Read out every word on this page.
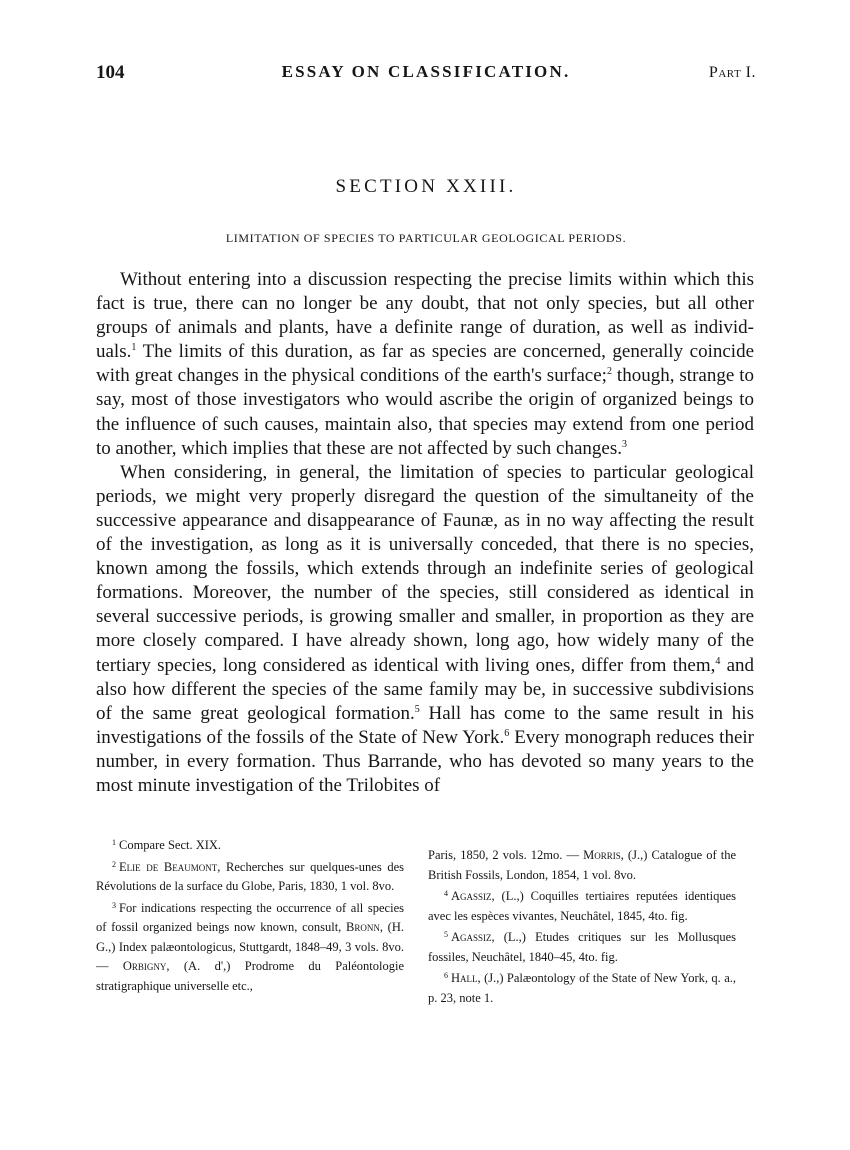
104	ESSAY ON CLASSIFICATION.	Part I.
SECTION XXIII.
LIMITATION OF SPECIES TO PARTICULAR GEOLOGICAL PERIODS.

Without entering into a discussion respecting the precise limits within which this fact is true, there can no longer be any doubt, that not only species, but all other groups of animals and plants, have a definite range of duration, as well as individ-uals.$^1$ The limits of this duration, as far as species are concerned, generally coincide with great changes in the physical conditions of the earth's surface;$^2$ though, strange to say, most of those investigators who would ascribe the origin of organized beings to the influence of such causes, maintain also, that species may extend from one period to another, which implies that these are not affected by such changes.$^3$

When considering, in general, the limitation of species to particular geological periods, we might very properly disregard the question of the simultaneity of the successive appearance and disappearance of Faunæ, as in no way affecting the result of the investigation, as long as it is universally conceded, that there is no species, known among the fossils, which extends through an indefinite series of geological formations. Moreover, the number of the species, still considered as identical in several successive periods, is growing smaller and smaller, in proportion as they are more closely compared. I have already shown, long ago, how widely many of the tertiary species, long considered as identical with living ones, differ from them,$^4$ and also how different the species of the same family may be, in successive subdivisions of the same great geological formation.$^5$ Hall has come to the same result in his investigations of the fossils of the State of New York.$^6$ Every monograph reduces their number, in every formation. Thus Barrande, who has devoted so many years to the most minute investigation of the Trilobites of

$^1$ Compare Sect. XIX.

$^2$ Elie de Beaumont, Recherches sur quelques-unes des Révolutions de la surface du Globe, Paris, 1830, 1 vol. 8vo.

$^3$ For indications respecting the occurrence of all species of fossil organized beings now known, consult, Bronn, (H. G.,) Index palæontologicus, Stuttgardt, 1848–49, 3 vols. 8vo. — Orbigny, (A. d',) Prodrome du Paléontologie stratigraphique universelle etc.,

Paris, 1850, 2 vols. 12mo. — Morris, (J.,) Catalogue of the British Fossils, London, 1854, 1 vol. 8vo.

$^4$ Agassiz, (L.,) Coquilles tertiaires reputées identiques avec les espèces vivantes, Neuchâtel, 1845, 4to. fig.

$^5$ Agassiz, (L.,) Etudes critiques sur les Mollusques fossiles, Neuchâtel, 1840–45, 4to. fig.

$^6$ Hall, (J.,) Palæontology of the State of New York, q. a., p. 23, note 1.
